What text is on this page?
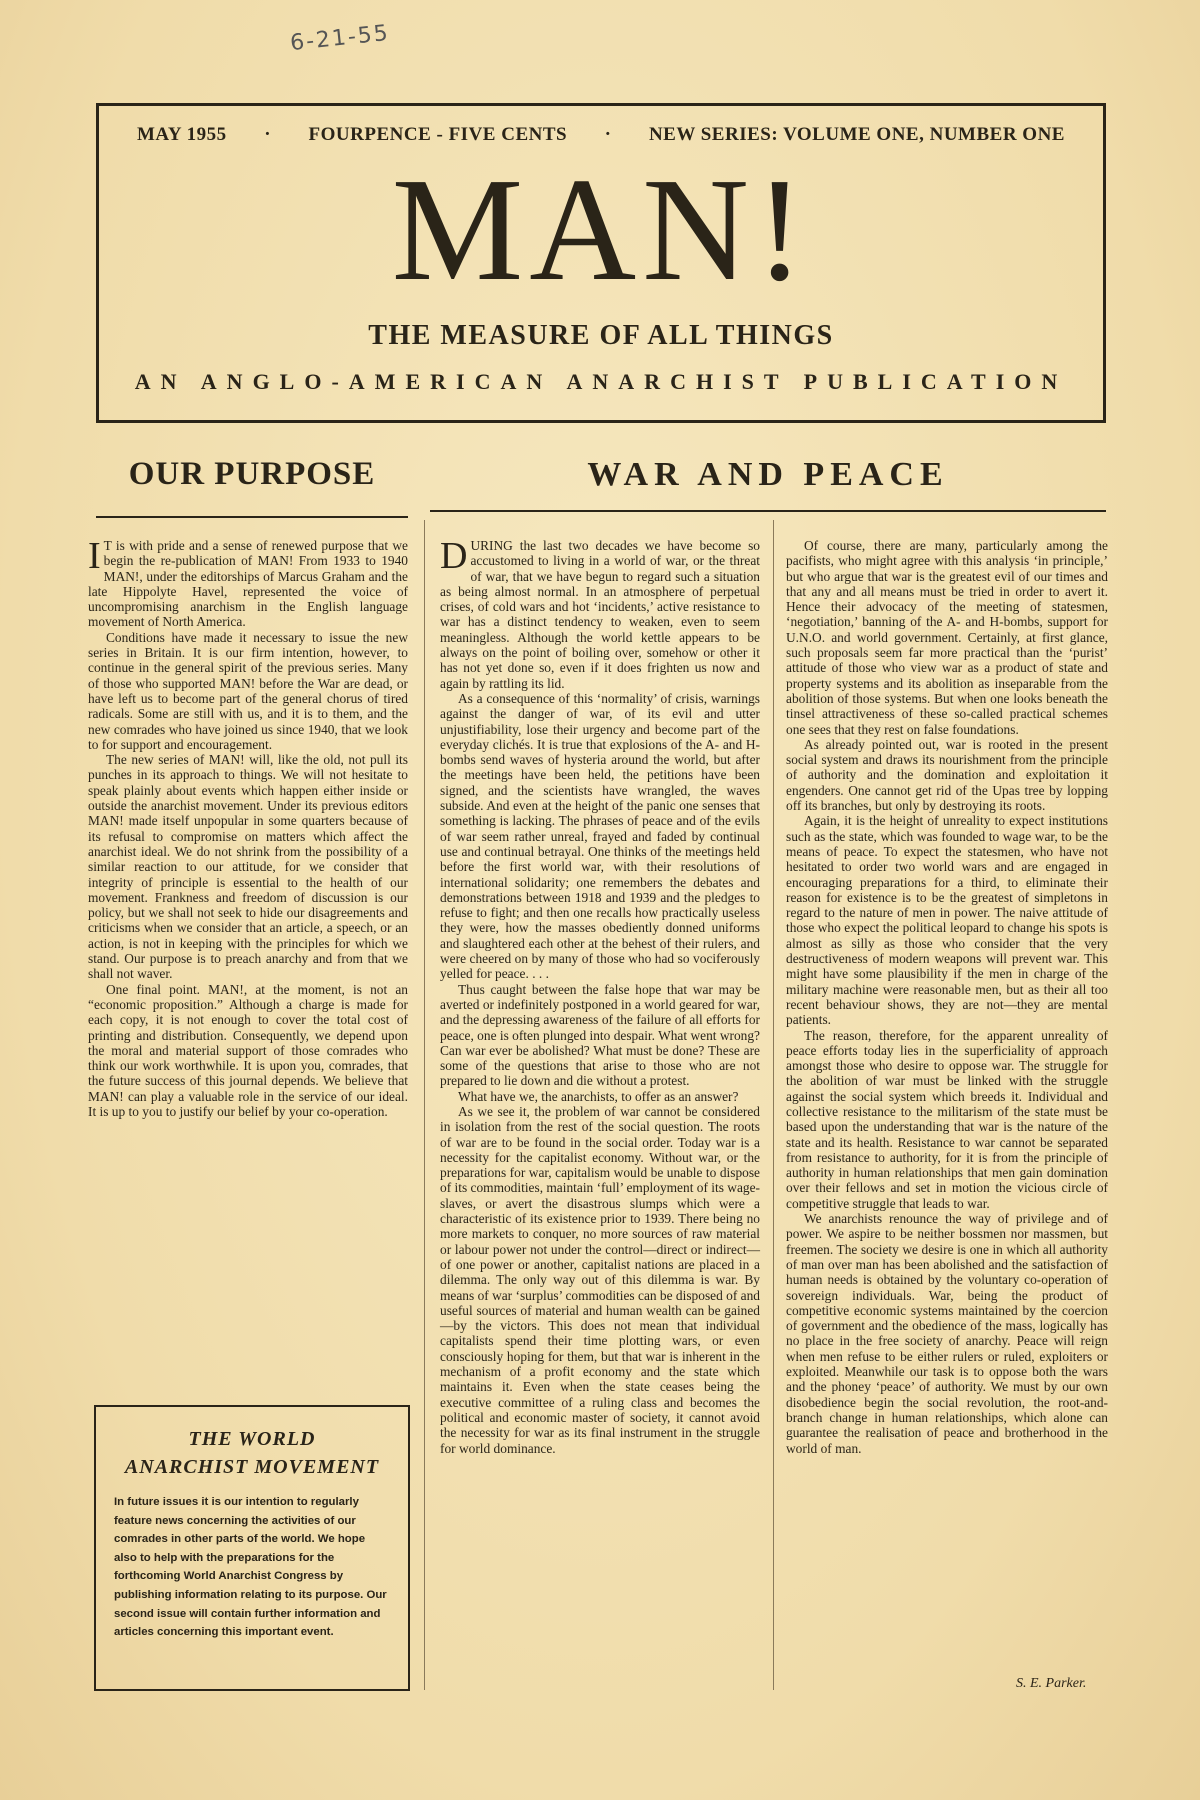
6-21-55
MAY 1955 · FOURPENCE - FIVE CENTS · NEW SERIES: VOLUME ONE, NUMBER ONE
MAN!
THE MEASURE OF ALL THINGS
AN ANGLO-AMERICAN ANARCHIST PUBLICATION
OUR PURPOSE	WAR AND PEACE

IT is with pride and a sense of renewed purpose that we begin the re-publication of MAN! From 1933 to 1940 MAN!, under the editorships of Marcus Graham and the late Hippolyte Havel, represented the voice of uncompromising anarchism in the English language movement of North America.

Conditions have made it necessary to issue the new series in Britain. It is our firm intention, however, to continue in the general spirit of the previous series. Many of those who supported MAN! before the War are dead, or have left us to become part of the general chorus of tired radicals. Some are still with us, and it is to them, and the new comrades who have joined us since 1940, that we look to for support and encouragement.

The new series of MAN! will, like the old, not pull its punches in its approach to things. We will not hesitate to speak plainly about events which happen either inside or outside the anarchist movement. Under its previous editors MAN! made itself unpopular in some quarters because of its refusal to compromise on matters which affect the anarchist ideal. We do not shrink from the possibility of a similar reaction to our attitude, for we consider that integrity of principle is essential to the health of our movement. Frankness and freedom of discussion is our policy, but we shall not seek to hide our disagreements and criticisms when we consider that an article, a speech, or an action, is not in keeping with the principles for which we stand. Our purpose is to preach anarchy and from that we shall not waver.

One final point. MAN!, at the moment, is not an “economic proposition.” Although a charge is made for each copy, it is not enough to cover the total cost of printing and distribution. Consequently, we depend upon the moral and material support of those comrades who think our work worthwhile. It is upon you, comrades, that the future success of this journal depends. We believe that MAN! can play a valuable role in the service of our ideal. It is up to you to justify our belief by your co-operation.

THE WORLD
ANARCHIST MOVEMENT
In future issues it is our intention to regularly feature news concerning the activities of our comrades in other parts of the world. We hope also to help with the preparations for the forthcoming World Anarchist Congress by publishing information relating to its purpose. Our second issue will contain further information and articles concerning this important event.

DURING the last two decades we have become so accustomed to living in a world of war, or the threat of war, that we have begun to regard such a situation as being almost normal. In an atmosphere of perpetual crises, of cold wars and hot ‘incidents,’ active resistance to war has a distinct tendency to weaken, even to seem meaningless. Although the world kettle appears to be always on the point of boiling over, somehow or other it has not yet done so, even if it does frighten us now and again by rattling its lid.

As a consequence of this ‘normality’ of crisis, warnings against the danger of war, of its evil and utter unjustifiability, lose their urgency and become part of the everyday clichés. It is true that explosions of the A- and H-bombs send waves of hysteria around the world, but after the meetings have been held, the petitions have been signed, and the scientists have wrangled, the waves subside. And even at the height of the panic one senses that something is lacking. The phrases of peace and of the evils of war seem rather unreal, frayed and faded by continual use and continual betrayal. One thinks of the meetings held before the first world war, with their resolutions of international solidarity; one remembers the debates and demonstrations between 1918 and 1939 and the pledges to refuse to fight; and then one recalls how practically useless they were, how the masses obediently donned uniforms and slaughtered each other at the behest of their rulers, and were cheered on by many of those who had so vociferously yelled for peace. . . .

Thus caught between the false hope that war may be averted or indefinitely postponed in a world geared for war, and the depressing awareness of the failure of all efforts for peace, one is often plunged into despair. What went wrong? Can war ever be abolished? What must be done? These are some of the questions that arise to those who are not prepared to lie down and die without a protest.

What have we, the anarchists, to offer as an answer?

As we see it, the problem of war cannot be considered in isolation from the rest of the social question. The roots of war are to be found in the social order. Today war is a necessity for the capitalist economy. Without war, or the preparations for war, capitalism would be unable to dispose of its commodities, maintain ‘full’ employment of its wage-slaves, or avert the disastrous slumps which were a characteristic of its existence prior to 1939. There being no more markets to conquer, no more sources of raw material or labour power not under the control—direct or indirect—of one power or another, capitalist nations are placed in a dilemma. The only way out of this dilemma is war. By means of war ‘surplus’ commodities can be disposed of and useful sources of material and human wealth can be gained—by the victors. This does not mean that individual capitalists spend their time plotting wars, or even consciously hoping for them, but that war is inherent in the mechanism of a profit economy and the state which maintains it. Even when the state ceases being the executive committee of a ruling class and becomes the political and economic master of society, it cannot avoid the necessity for war as its final instrument in the struggle for world dominance.

Of course, there are many, particularly among the pacifists, who might agree with this analysis ‘in principle,’ but who argue that war is the greatest evil of our times and that any and all means must be tried in order to avert it. Hence their advocacy of the meeting of statesmen, ‘negotiation,’ banning of the A- and H-bombs, support for U.N.O. and world government. Certainly, at first glance, such proposals seem far more practical than the ‘purist’ attitude of those who view war as a product of state and property systems and its abolition as inseparable from the abolition of those systems. But when one looks beneath the tinsel attractiveness of these so-called practical schemes one sees that they rest on false foundations.

As already pointed out, war is rooted in the present social system and draws its nourishment from the principle of authority and the domination and exploitation it engenders. One cannot get rid of the Upas tree by lopping off its branches, but only by destroying its roots.

Again, it is the height of unreality to expect institutions such as the state, which was founded to wage war, to be the means of peace. To expect the statesmen, who have not hesitated to order two world wars and are engaged in encouraging preparations for a third, to eliminate their reason for existence is to be the greatest of simpletons in regard to the nature of men in power. The naive attitude of those who expect the political leopard to change his spots is almost as silly as those who consider that the very destructiveness of modern weapons will prevent war. This might have some plausibility if the men in charge of the military machine were reasonable men, but as their all too recent behaviour shows, they are not—they are mental patients.

The reason, therefore, for the apparent unreality of peace efforts today lies in the superficiality of approach amongst those who desire to oppose war. The struggle for the abolition of war must be linked with the struggle against the social system which breeds it. Individual and collective resistance to the militarism of the state must be based upon the understanding that war is the nature of the state and its health. Resistance to war cannot be separated from resistance to authority, for it is from the principle of authority in human relationships that men gain domination over their fellows and set in motion the vicious circle of competitive struggle that leads to war.

We anarchists renounce the way of privilege and of power. We aspire to be neither bossmen nor massmen, but freemen. The society we desire is one in which all authority of man over man has been abolished and the satisfaction of human needs is obtained by the voluntary co-operation of sovereign individuals. War, being the product of competitive economic systems maintained by the coercion of government and the obedience of the mass, logically has no place in the free society of anarchy. Peace will reign when men refuse to be either rulers or ruled, exploiters or exploited. Meanwhile our task is to oppose both the wars and the phoney ‘peace’ of authority. We must by our own disobedience begin the social revolution, the root-and-branch change in human relationships, which alone can guarantee the realisation of peace and brotherhood in the world of man.

S. E. Parker.
